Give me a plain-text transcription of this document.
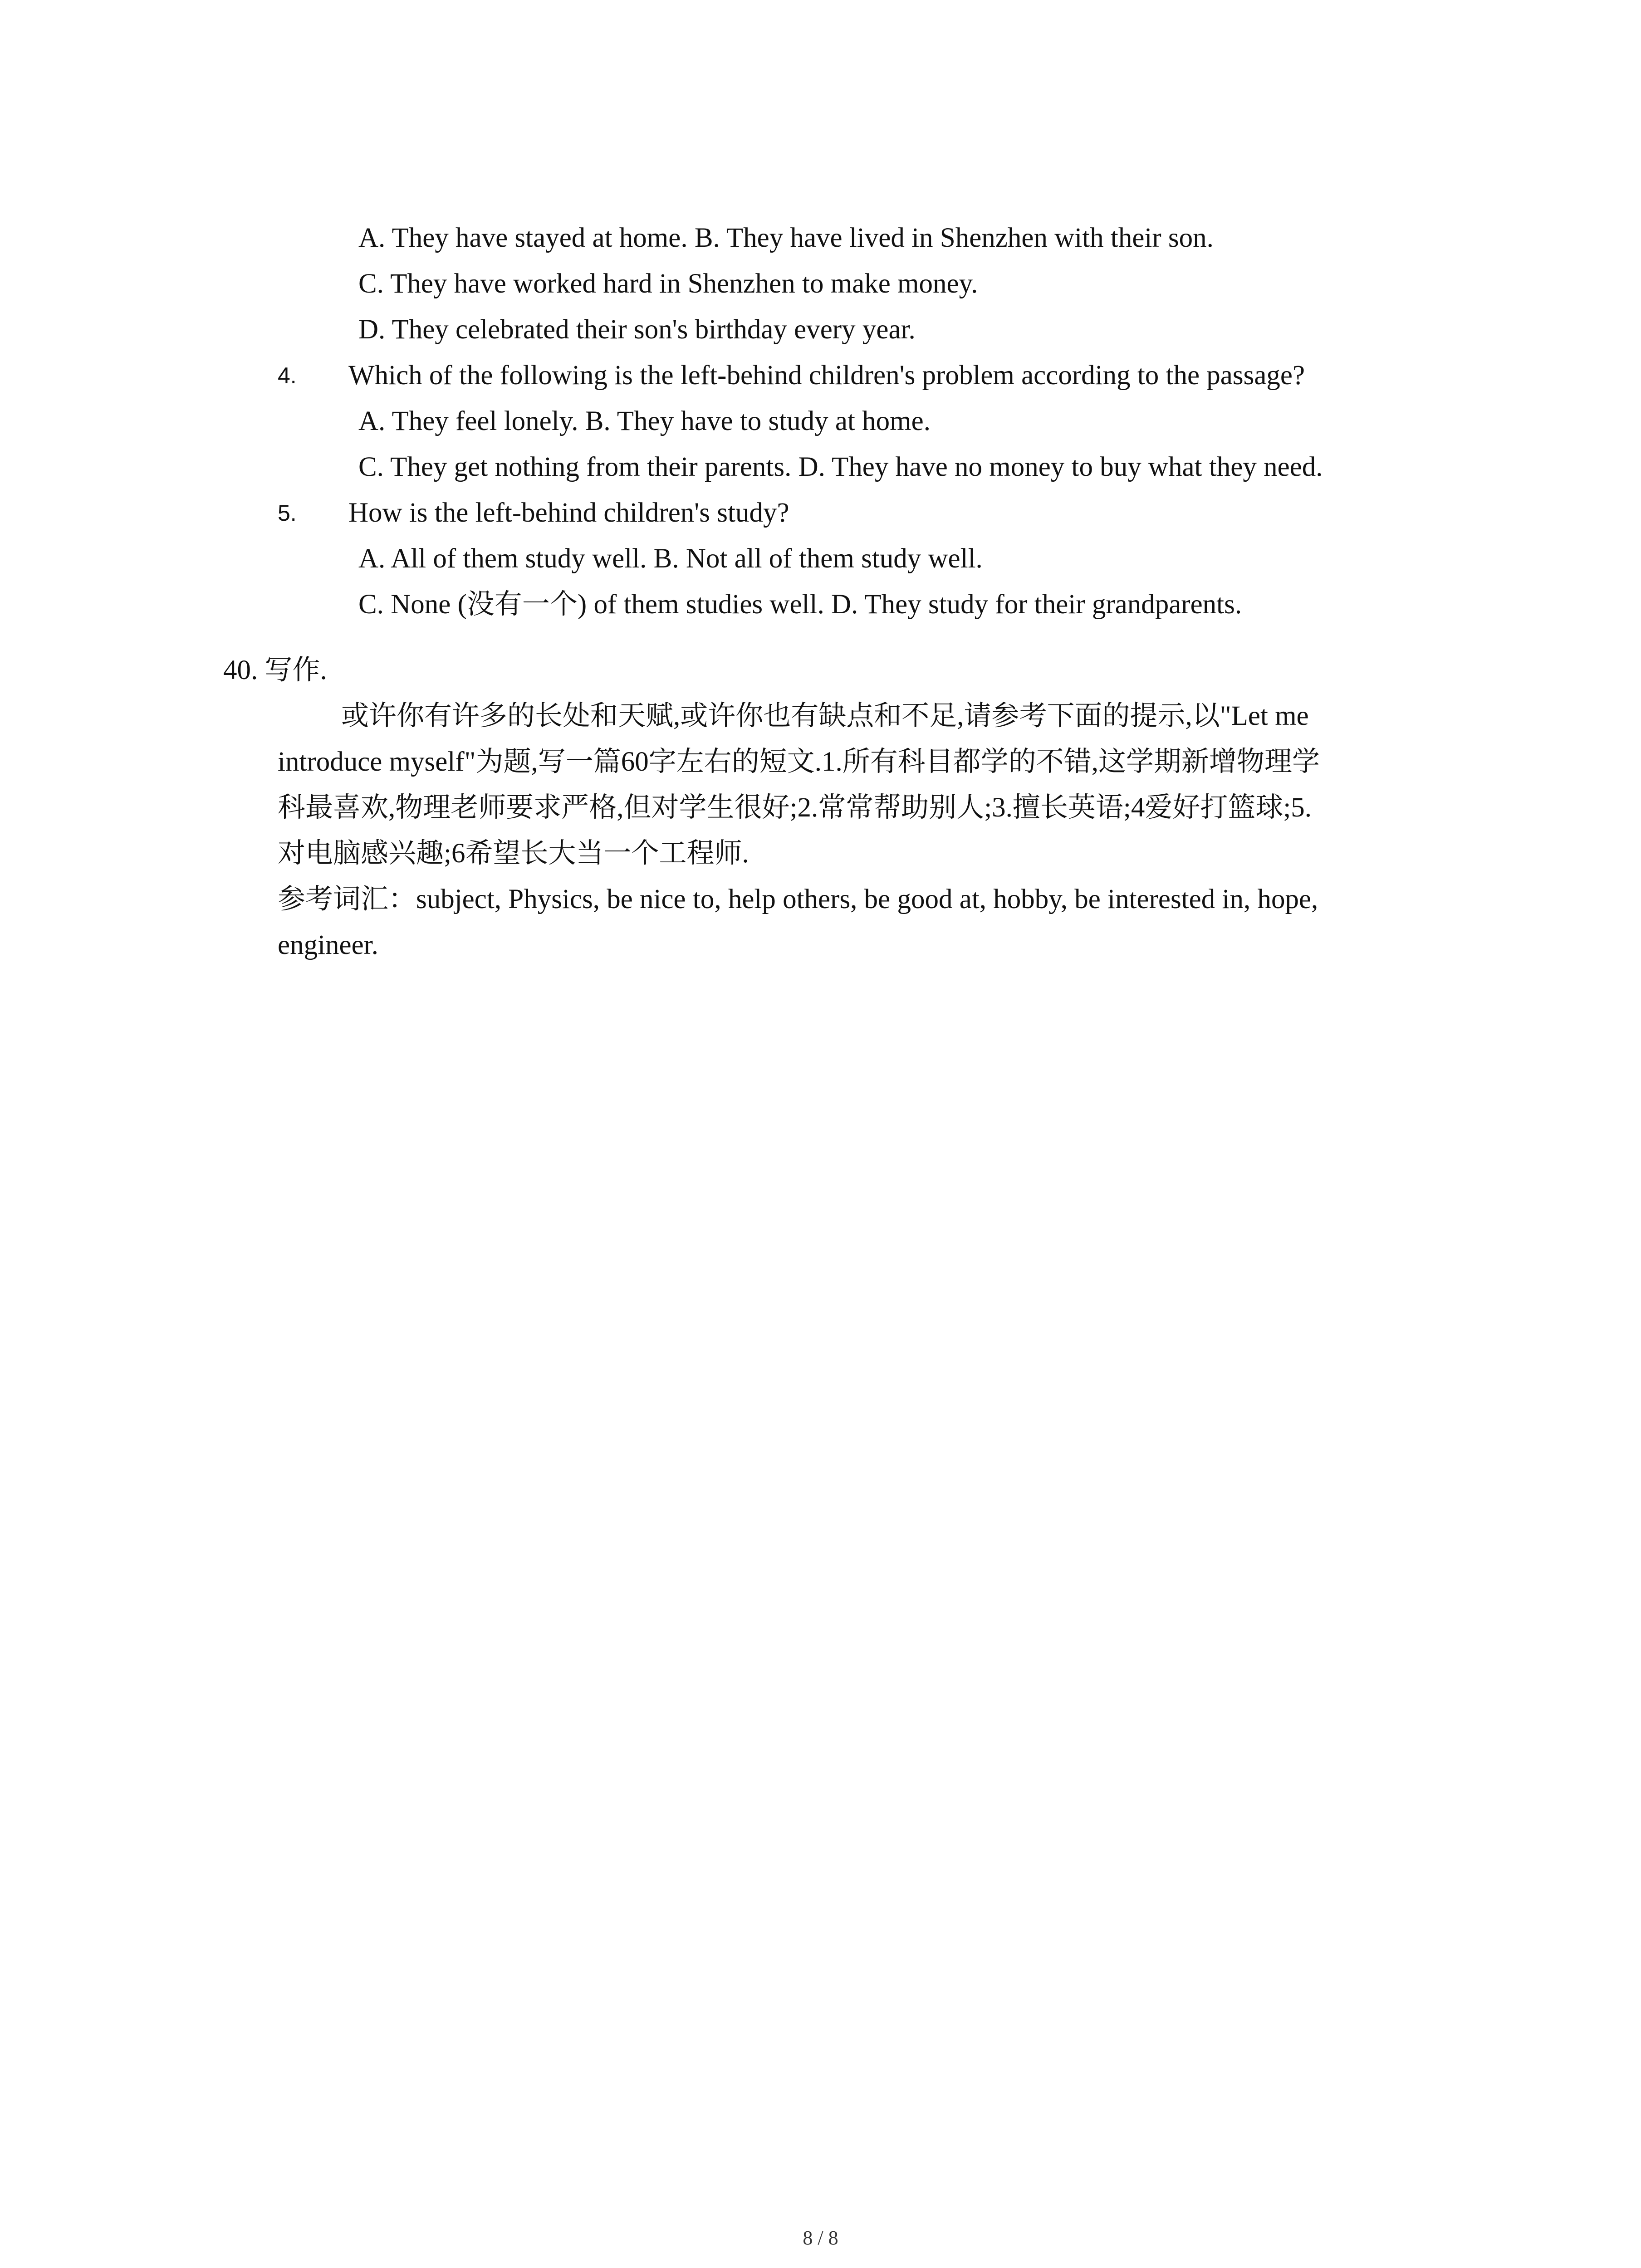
A. They have stayed at home. B. They have lived in Shenzhen with their son.
C. They have worked hard in Shenzhen to make money.
D. They celebrated their son's birthday every year.
4. Which of the following is the left-behind children's problem according to the passage?
A. They feel lonely. B. They have to study at home.
C. They get nothing from their parents. D. They have no money to buy what they need.
5. How is the left-behind children's study?
A. All of them study well. B. Not all of them study well.
C. None (没有一个) of them studies well. D. They study for their grandparents.
40. 写作.
或许你有许多的长处和天赋,或许你也有缺点和不足,请参考下面的提示,以"Let me
introduce myself"为题,写一篇60字左右的短文.1.所有科目都学的不错,这学期新增物理学
科最喜欢,物理老师要求严格,但对学生很好;2.常常帮助别人;3.擅长英语;4爱好打篮球;5.
对电脑感兴趣;6希望长大当一个工程师.
参考词汇：subject, Physics, be nice to, help others, be good at, hobby, be interested in, hope,
engineer.
8 / 8
